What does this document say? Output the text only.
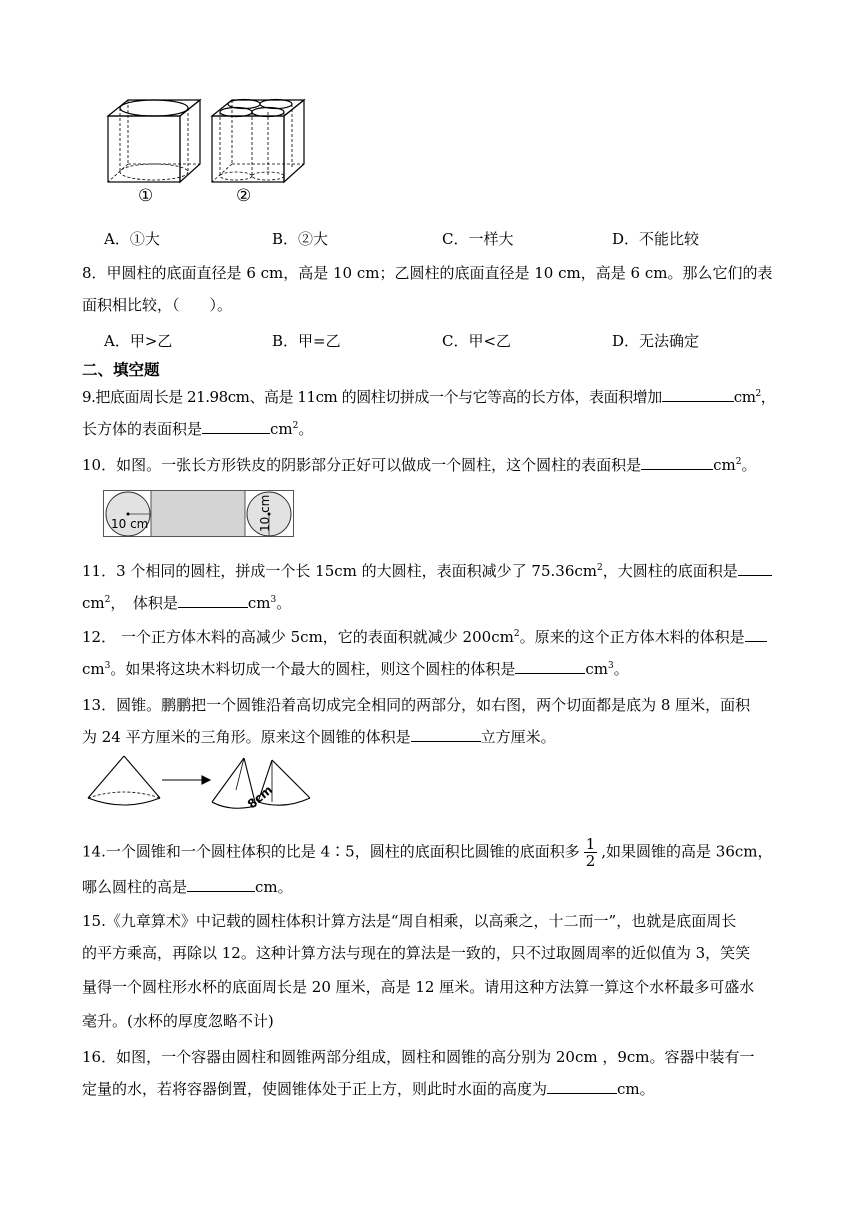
①	②
A．①大	B．②大	C．一样大	D．不能比较
8．甲圆柱的底面直径是 6 cm，高是 10 cm；乙圆柱的底面直径是 10 cm，高是 6 cm。那么它们的表
面积相比较，（　　）。
A．甲>乙	B．甲=乙	C．甲<乙	D．无法确定
二、填空题
9.把底面周长是 21.98cm、高是 11cm 的圆柱切拼成一个与它等高的长方体，表面积增加	$cm^2$，
长方体的表面积是	$cm^2$。
10．如图。一张长方形铁皮的阴影部分正好可以做成一个圆柱，这个圆柱的表面积是	$cm^2$。
10 cm	10 cm
11．3 个相同的圆柱，拼成一个长 15cm 的大圆柱，表面积减少了 $75.36cm^2$，大圆柱的底面积是
$cm^2$，　体积是	$cm^3$。
12． 一个正方体木料的高减少 5cm，它的表面积就减少 $200cm^2$。原来的这个正方体木料的体积是
$cm^3$。如果将这块木料切成一个最大的圆柱，则这个圆柱的体积是	$cm^3$。
13．圆锥。鹏鹏把一个圆锥沿着高切成完全相同的两部分，如右图，两个切面都是底为 8 厘米，面积
为 24 平方厘米的三角形。原来这个圆锥的体积是	立方厘米。
8cm
14.一个圆锥和一个圆柱体积的比是 4∶5，圆柱的底面积比圆锥的底面积多 $\frac{1}{2}$ ,如果圆锥的高是 36cm，
哪么圆柱的高是	cm。
15.《九章算术》中记载的圆柱体积计算方法是“周自相乘，以高乘之，十二而一”，也就是底面周长
的平方乘高，再除以 12。这种计算方法与现在的算法是一致的，只不过取圆周率的近似值为 3，笑笑
量得一个圆柱形水杯的底面周长是 20 厘米，高是 12 厘米。请用这种方法算一算这个水杯最多可盛水
毫升。(水杯的厚度忽略不计)
16．如图，一个容器由圆柱和圆锥两部分组成，圆柱和圆锥的高分别为 20cm ，9cm。容器中装有一
定量的水，若将容器倒置，使圆锥体处于正上方，则此时水面的高度为	cm。
